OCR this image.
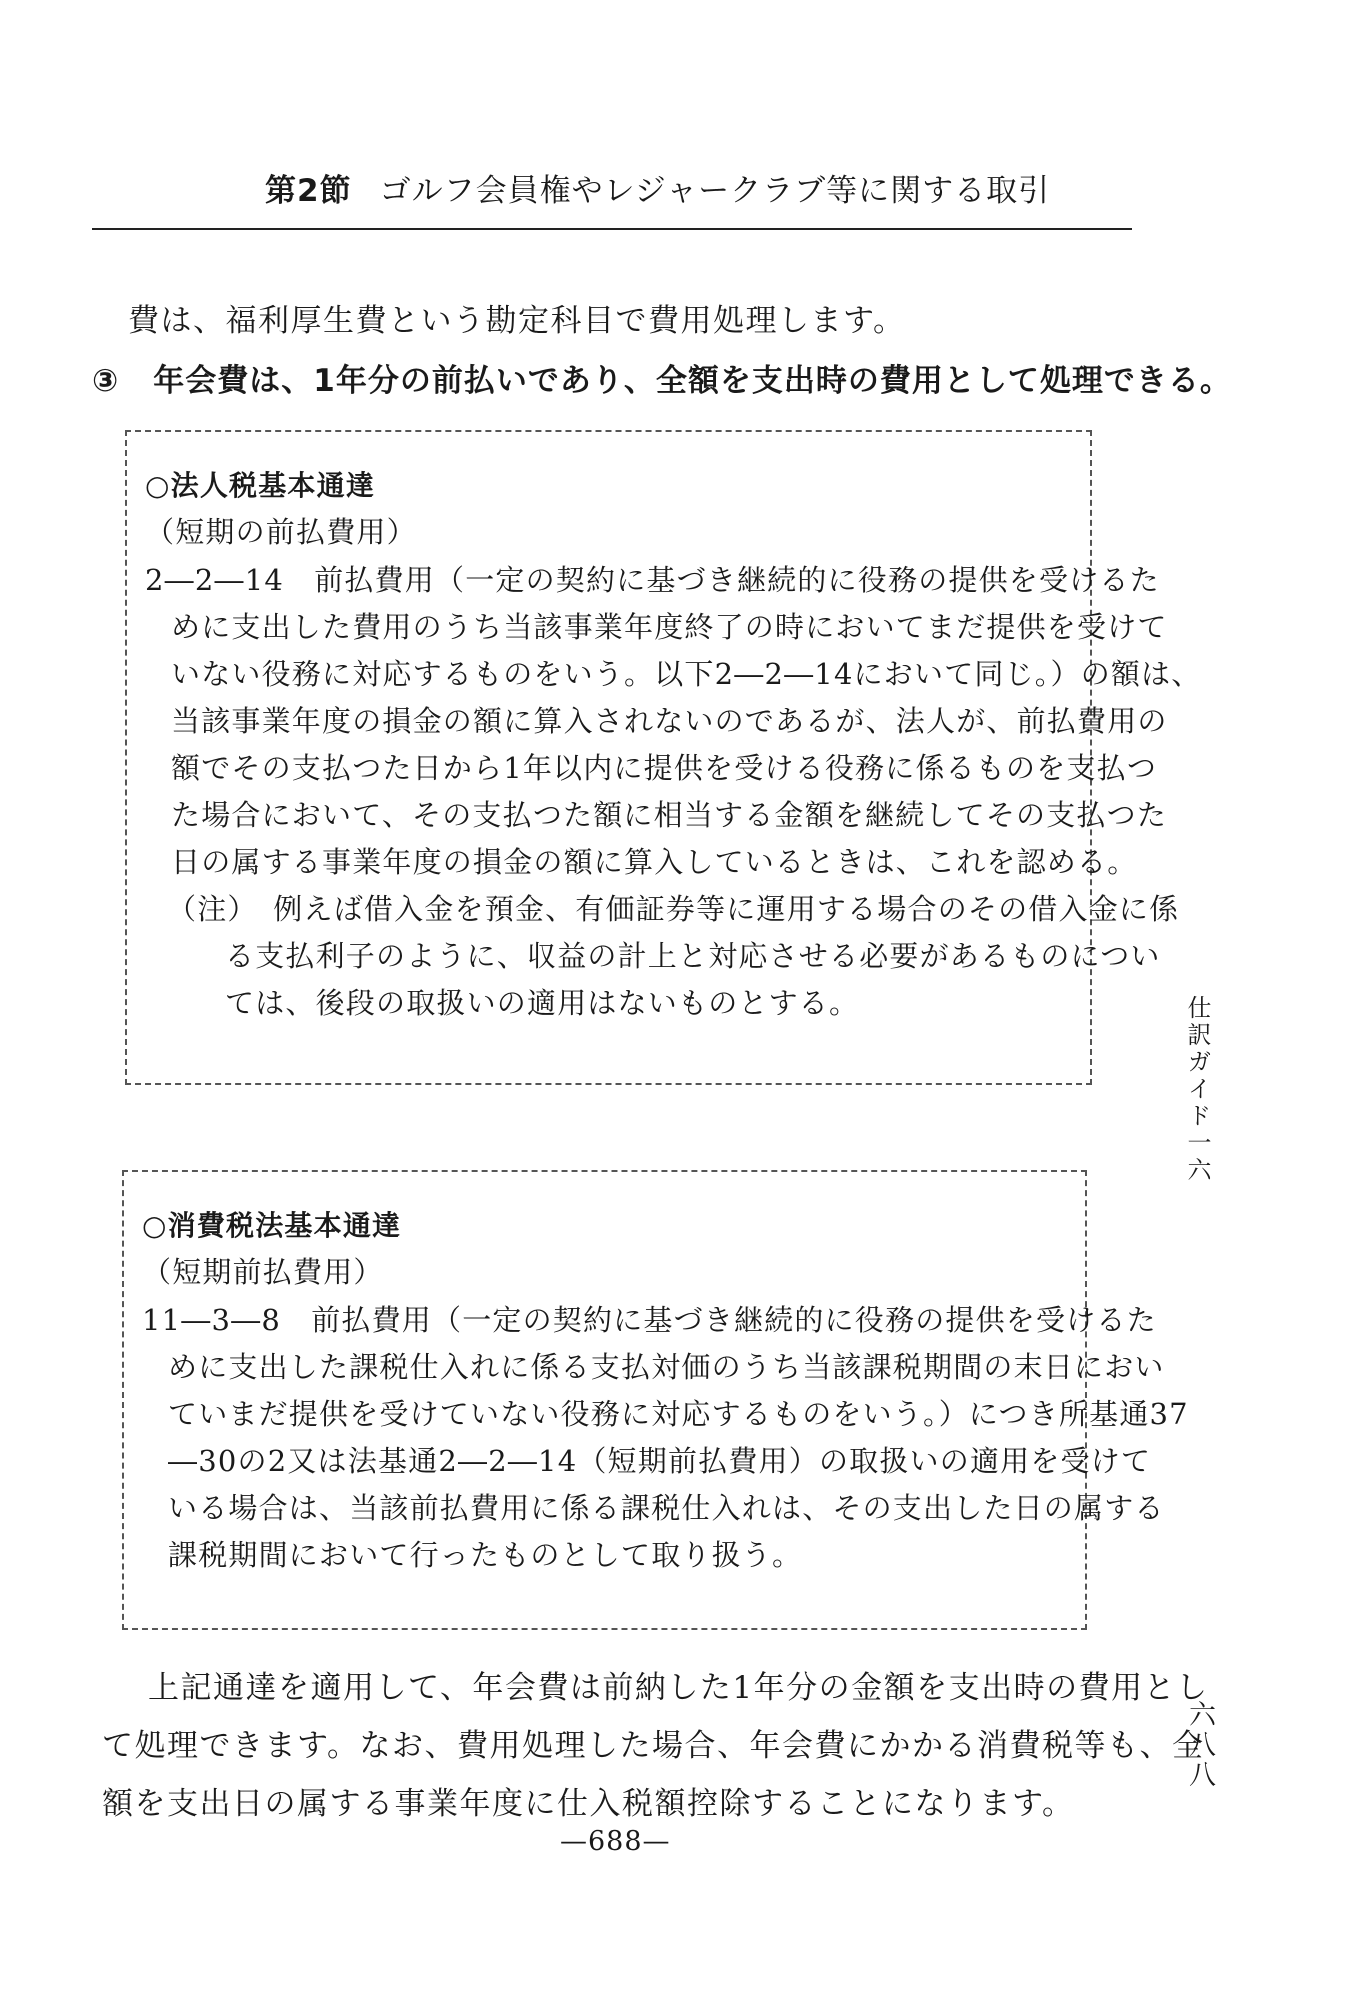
第2節 ゴルフ会員権やレジャークラブ等に関する取引
費は、福利厚生費という勘定科目で費用処理します。
③ 年会費は、1年分の前払いであり、全額を支出時の費用として処理できる。
○法人税基本通達
（短期の前払費用）
2―2―14　前払費用（一定の契約に基づき継続的に役務の提供を受けるた
めに支出した費用のうち当該事業年度終了の時においてまだ提供を受けて
いない役務に対応するものをいう。以下2―2―14において同じ。）の額は、
当該事業年度の損金の額に算入されないのであるが、法人が、前払費用の
額でその支払つた日から1年以内に提供を受ける役務に係るものを支払つ
た場合において、その支払つた額に相当する金額を継続してその支払つた
日の属する事業年度の損金の額に算入しているときは、これを認める。
（注）　例えば借入金を預金、有価証券等に運用する場合のその借入金に係
る支払利子のように、収益の計上と対応させる必要があるものについ
ては、後段の取扱いの適用はないものとする。
○消費税法基本通達
（短期前払費用）
11―3―8　前払費用（一定の契約に基づき継続的に役務の提供を受けるた
めに支出した課税仕入れに係る支払対価のうち当該課税期間の末日におい
ていまだ提供を受けていない役務に対応するものをいう。）につき所基通37
―30の2又は法基通2―2―14（短期前払費用）の取扱いの適用を受けて
いる場合は、当該前払費用に係る課税仕入れは、その支出した日の属する
課税期間において行ったものとして取り扱う。
上記通達を適用して、年会費は前納した1年分の金額を支出時の費用とし
て処理できます。なお、費用処理した場合、年会費にかかる消費税等も、全
額を支出日の属する事業年度に仕入税額控除することになります。
仕訳ガイド一六
六八八
—688—
